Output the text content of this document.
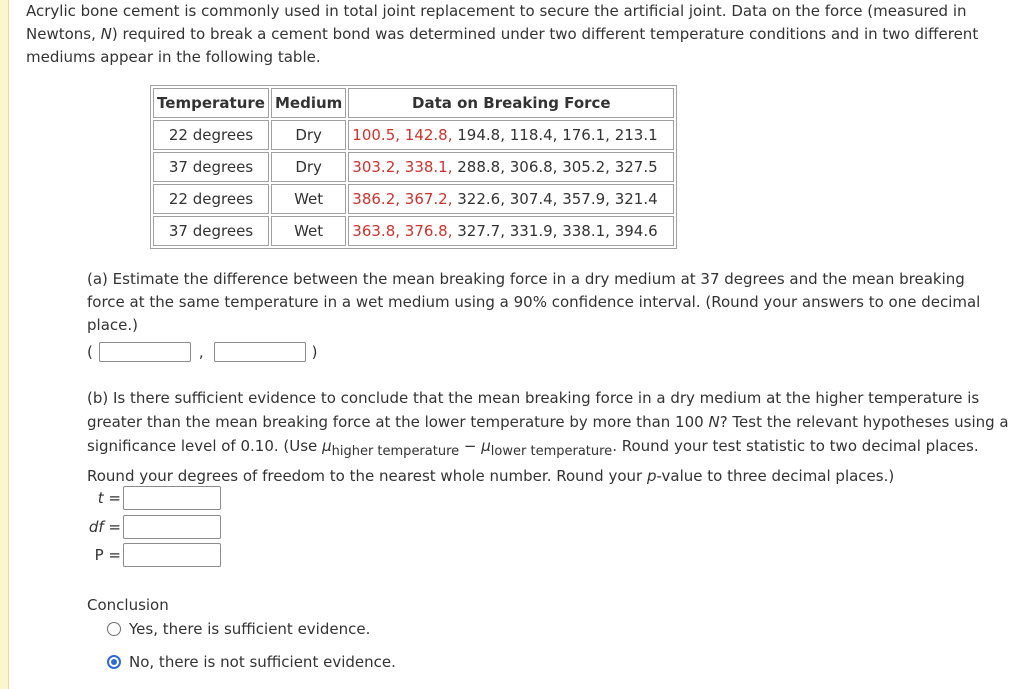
Acrylic bone cement is commonly used in total joint replacement to secure the artificial joint. Data on the force (measured in Newtons, N) required to break a cement bond was determined under two different temperature conditions and in two different mediums appear in the following table.
Temperature	Medium	Data on Breaking Force
22 degrees	Dry	100.5, 142.8, 194.8, 118.4, 176.1, 213.1
37 degrees	Dry	303.2, 338.1, 288.8, 306.8, 305.2, 327.5
22 degrees	Wet	386.2, 367.2, 322.6, 307.4, 357.9, 321.4
37 degrees	Wet	363.8, 376.8, 327.7, 331.9, 338.1, 394.6
(a) Estimate the difference between the mean breaking force in a dry medium at 37 degrees and the mean breaking force at the same temperature in a wet medium using a 90% confidence interval. (Round your answers to one decimal place.)
(	,	)
(b) Is there sufficient evidence to conclude that the mean breaking force in a dry medium at the higher temperature is greater than the mean breaking force at the lower temperature by more than 100 N? Test the relevant hypotheses using a significance level of 0.10. (Use $\mu_{higher temperature} - \mu_{lower temperature}$. Round your test statistic to two decimal places. Round your degrees of freedom to the nearest whole number. Round your p-value to three decimal places.)
t =
df =
P =
Conclusion
Yes, there is sufficient evidence.
No, there is not sufficient evidence.
